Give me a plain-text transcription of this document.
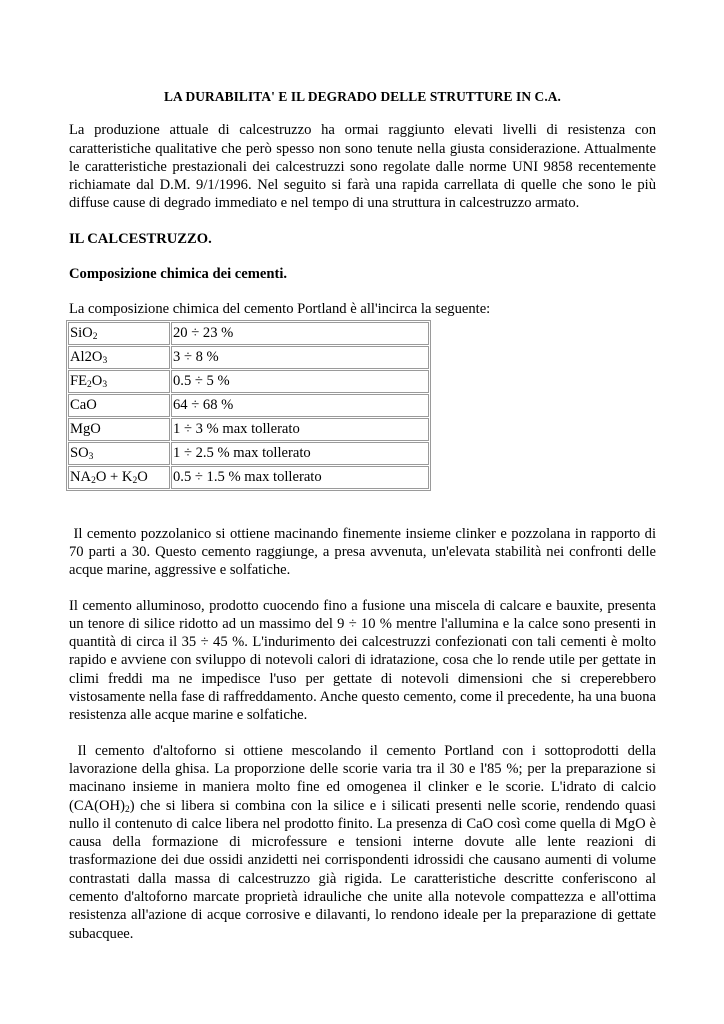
LA DURABILITA' E IL DEGRADO DELLE STRUTTURE IN C.A.

La produzione attuale di calcestruzzo ha ormai raggiunto elevati livelli di resistenza con caratteristiche qualitative che però spesso non sono tenute nella giusta considerazione. Attualmente le caratteristiche prestazionali dei calcestruzzi sono regolate dalle norme UNI 9858 recentemente richiamate dal D.M. 9/1/1996. Nel seguito si farà una rapida carrellata di quelle che sono le più diffuse cause di degrado immediato e nel tempo di una struttura in calcestruzzo armato.

IL CALCESTRUZZO.
Composizione chimica dei cementi.
La composizione chimica del cemento Portland è all'incirca la seguente:
SiO$_2$	20 ÷ 23 %
$Al2O_3$	3 ÷ 8 %
$FE_2O_3$	0.5 ÷ 5 %
CaO	64 ÷ 68 %
MgO	1 ÷ 3 % max tollerato
$SO_3$	1 ÷ 2.5 % max tollerato
$NA_2O + K_2O$	0.5 ÷ 1.5 % max tollerato

Il cemento pozzolanico si ottiene macinando finemente insieme clinker e pozzolana in rapporto di 70 parti a 30. Questo cemento raggiunge, a presa avvenuta, un'elevata stabilità nei confronti delle acque marine, aggressive e solfatiche.

Il cemento alluminoso, prodotto cuocendo fino a fusione una miscela di calcare e bauxite, presenta un tenore di silice ridotto ad un massimo del 9 ÷ 10 % mentre l'allumina e la calce sono presenti in quantità di circa il 35 ÷ 45 %. L'indurimento dei calcestruzzi confezionati con tali cementi è molto rapido e avviene con sviluppo di notevoli calori di idratazione, cosa che lo rende utile per gettate in climi freddi ma ne impedisce l'uso per gettate di notevoli dimensioni che si creperebbero vistosamente nella fase di raffreddamento. Anche questo cemento, come il precedente, ha una buona resistenza alle acque marine e solfatiche.

Il cemento d'altoforno si ottiene mescolando il cemento Portland con i sottoprodotti della lavorazione della ghisa. La proporzione delle scorie varia tra il 30 e l'85 %; per la preparazione si macinano insieme in maniera molto fine ed omogenea il clinker e le scorie. L'idrato di calcio $(CA(OH)_2)$ che si libera si combina con la silice e i silicati presenti nelle scorie, rendendo quasi nullo il contenuto di calce libera nel prodotto finito. La presenza di CaO così come quella di MgO è causa della formazione di microfessure e tensioni interne dovute alle lente reazioni di trasformazione dei due ossidi anzidetti nei corrispondenti idrossidi che causano aumenti di volume contrastati dalla massa di calcestruzzo già rigida. Le caratteristiche descritte conferiscono al cemento d'altoforno marcate proprietà idrauliche che unite alla notevole compattezza e all'ottima resistenza all'azione di acque corrosive e dilavanti, lo rendono ideale per la preparazione di gettate subacquee.
